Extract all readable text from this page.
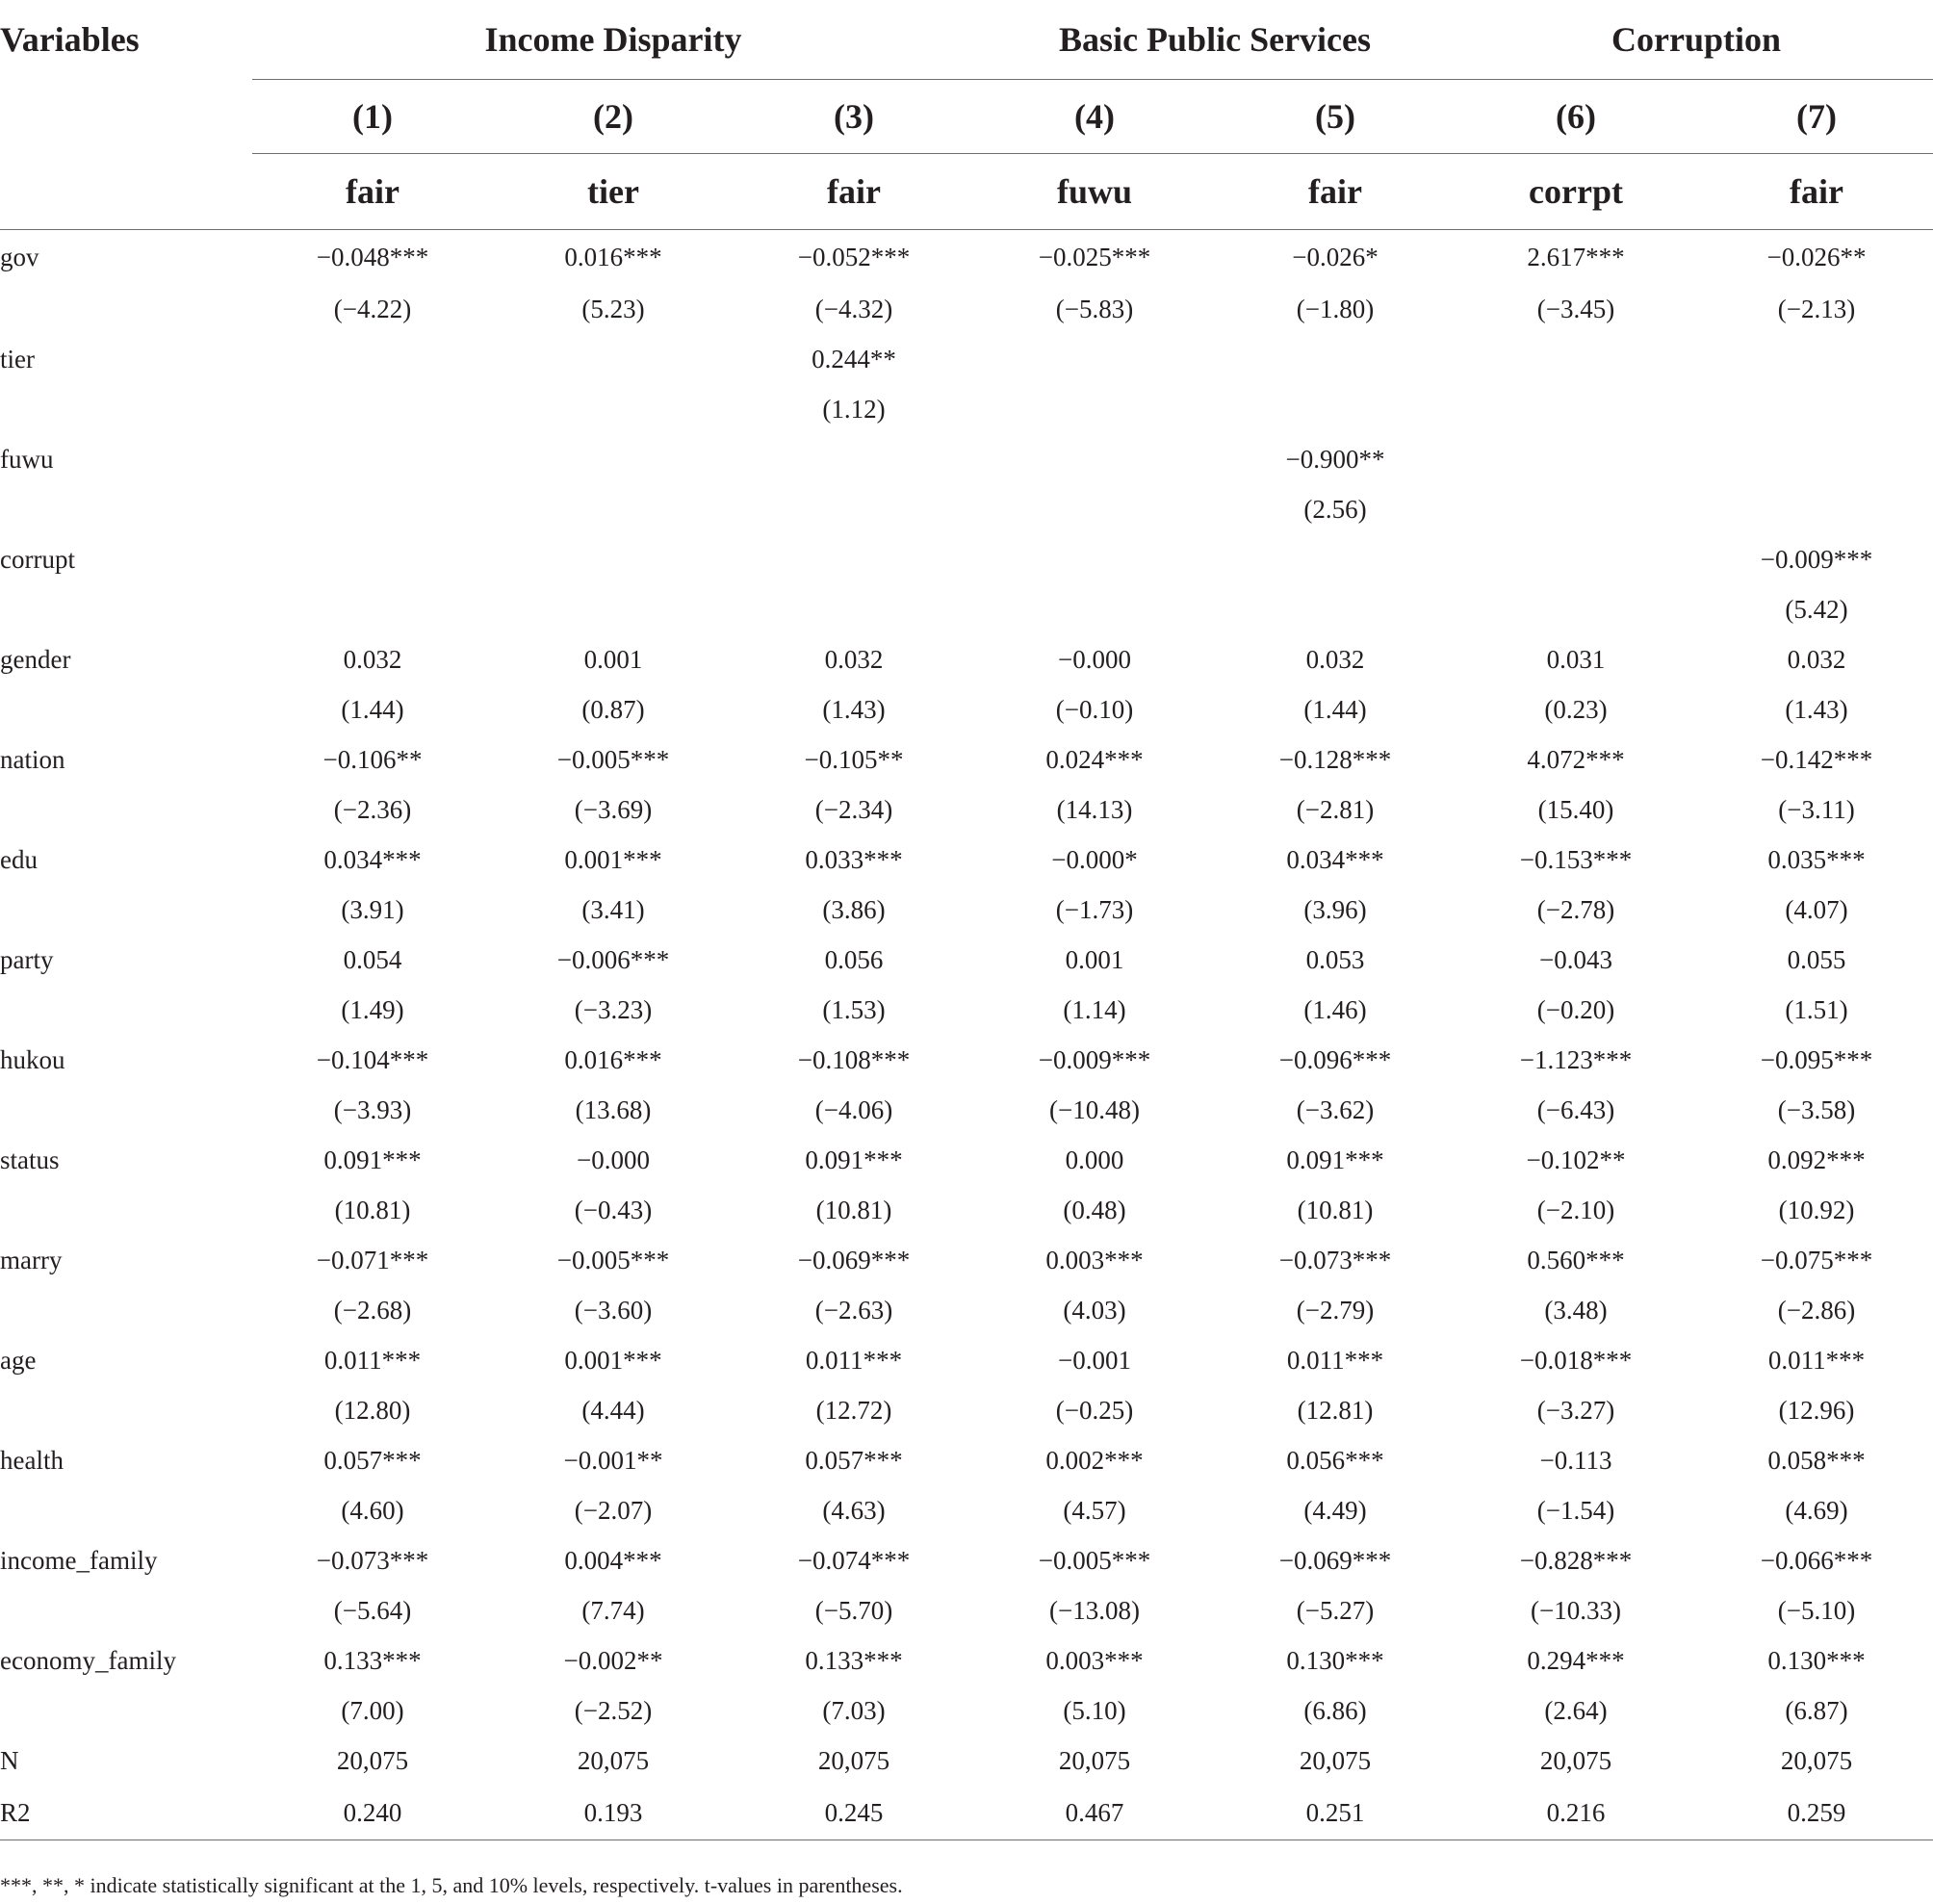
Variables	Income Disparity			Basic Public Services		Corruption	
	(1)	(2)	(3)	(4)	(5)	(6)	(7)
	fair	tier	fair	fuwu	fair	corrpt	fair
gov	−0.048***	0.016***	−0.052***	−0.025***	−0.026*	2.617***	−0.026**
	(−4.22)	(5.23)	(−4.32)	(−5.83)	(−1.80)	(−3.45)	(−2.13)
tier			0.244**				
			(1.12)				
fuwu					−0.900**		
					(2.56)		
corrupt							−0.009***
							(5.42)
gender	0.032	0.001	0.032	−0.000	0.032	0.031	0.032
	(1.44)	(0.87)	(1.43)	(−0.10)	(1.44)	(0.23)	(1.43)
nation	−0.106**	−0.005***	−0.105**	0.024***	−0.128***	4.072***	−0.142***
	(−2.36)	(−3.69)	(−2.34)	(14.13)	(−2.81)	(15.40)	(−3.11)
edu	0.034***	0.001***	0.033***	−0.000*	0.034***	−0.153***	0.035***
	(3.91)	(3.41)	(3.86)	(−1.73)	(3.96)	(−2.78)	(4.07)
party	0.054	−0.006***	0.056	0.001	0.053	−0.043	0.055
	(1.49)	(−3.23)	(1.53)	(1.14)	(1.46)	(−0.20)	(1.51)
hukou	−0.104***	0.016***	−0.108***	−0.009***	−0.096***	−1.123***	−0.095***
	(−3.93)	(13.68)	(−4.06)	(−10.48)	(−3.62)	(−6.43)	(−3.58)
status	0.091***	−0.000	0.091***	0.000	0.091***	−0.102**	0.092***
	(10.81)	(−0.43)	(10.81)	(0.48)	(10.81)	(−2.10)	(10.92)
marry	−0.071***	−0.005***	−0.069***	0.003***	−0.073***	0.560***	−0.075***
	(−2.68)	(−3.60)	(−2.63)	(4.03)	(−2.79)	(3.48)	(−2.86)
age	0.011***	0.001***	0.011***	−0.001	0.011***	−0.018***	0.011***
	(12.80)	(4.44)	(12.72)	(−0.25)	(12.81)	(−3.27)	(12.96)
health	0.057***	−0.001**	0.057***	0.002***	0.056***	−0.113	0.058***
	(4.60)	(−2.07)	(4.63)	(4.57)	(4.49)	(−1.54)	(4.69)
income_family	−0.073***	0.004***	−0.074***	−0.005***	−0.069***	−0.828***	−0.066***
	(−5.64)	(7.74)	(−5.70)	(−13.08)	(−5.27)	(−10.33)	(−5.10)
economy_family	0.133***	−0.002**	0.133***	0.003***	0.130***	0.294***	0.130***
	(7.00)	(−2.52)	(7.03)	(5.10)	(6.86)	(2.64)	(6.87)
N	20,075	20,075	20,075	20,075	20,075	20,075	20,075
R2	0.240	0.193	0.245	0.467	0.251	0.216	0.259
***, **, * indicate statistically significant at the 1, 5, and 10% levels, respectively. t-values in parentheses.
